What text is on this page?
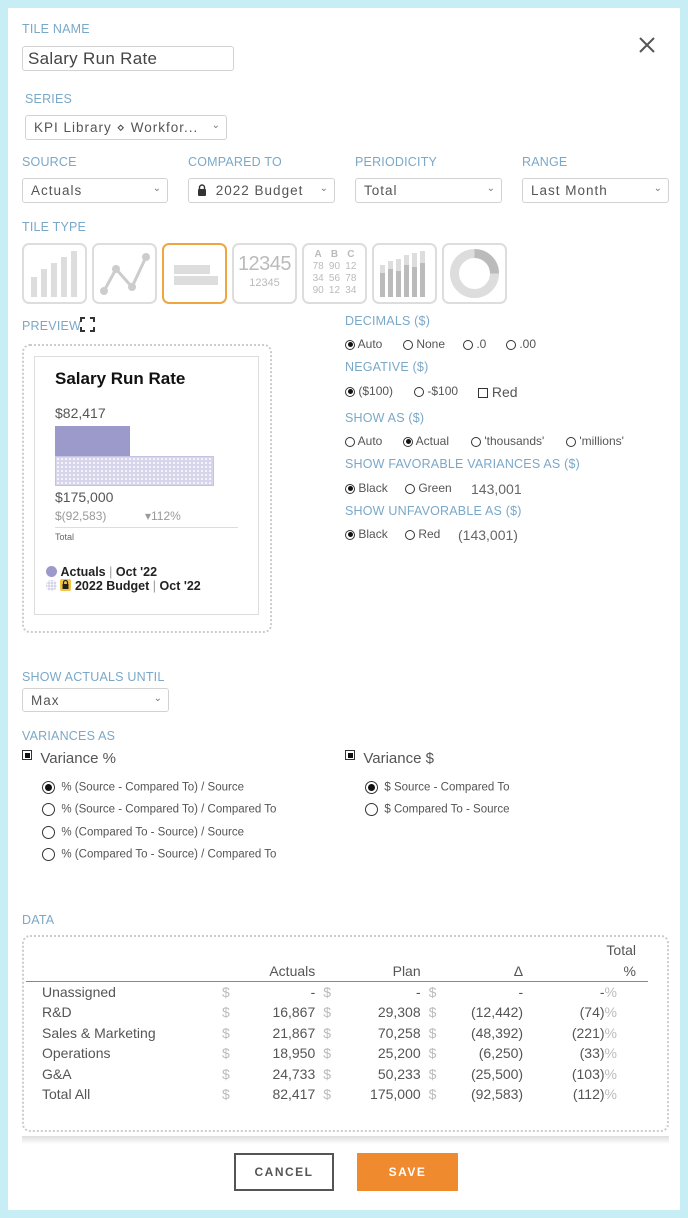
TILE NAME
Salary Run Rate
SERIES
KPI Library ⋄ Workfor... ⌄
SOURCE
Actuals	⌄
COMPARED TO
2022 Budget ⌄
PERIODICITY
Total	⌄
RANGE
Last Month	⌄
TILE TYPE
12345
12345
A B C
78 90 12
34 56 78
90 12 34
PREVIEW
Salary Run Rate
$82,417
$175,000
$(92,583)	▾112%
Total
Actuals | Oct '22
2022 Budget | Oct '22
DECIMALS ($)
Auto	None	.0	.00
NEGATIVE ($)
($100)	-$100	Red
SHOW AS ($)
Auto	Actual	'thousands'	'millions'
SHOW FAVORABLE VARIANCES AS ($)
Black	Green 143,001
SHOW UNFAVORABLE AS ($)
Black	Red (143,001)
SHOW ACTUALS UNTIL
Max	⌄
VARIANCES AS
Variance %
% (Source - Compared To) / Source
% (Source - Compared To) / Compared To
% (Compared To - Source) / Source
% (Compared To - Source) / Compared To
Variance $
$ Source - Compared To
$ Compared To - Source
DATA
							Total	
	Actuals		Plan		Δ		%	
Unassigned	$	-	$	-	$	-	-	%
R&D	$	16,867	$	29,308	$	(12,442)	(74)	%
Sales & Marketing	$	21,867	$	70,258	$	(48,392)	(221)	%
Operations	$	18,950	$	25,200	$	(6,250)	(33)	%
G&A	$	24,733	$	50,233	$	(25,500)	(103)	%
Total All	$	82,417	$	175,000	$	(92,583)	(112)	%
CANCEL	SAVE
